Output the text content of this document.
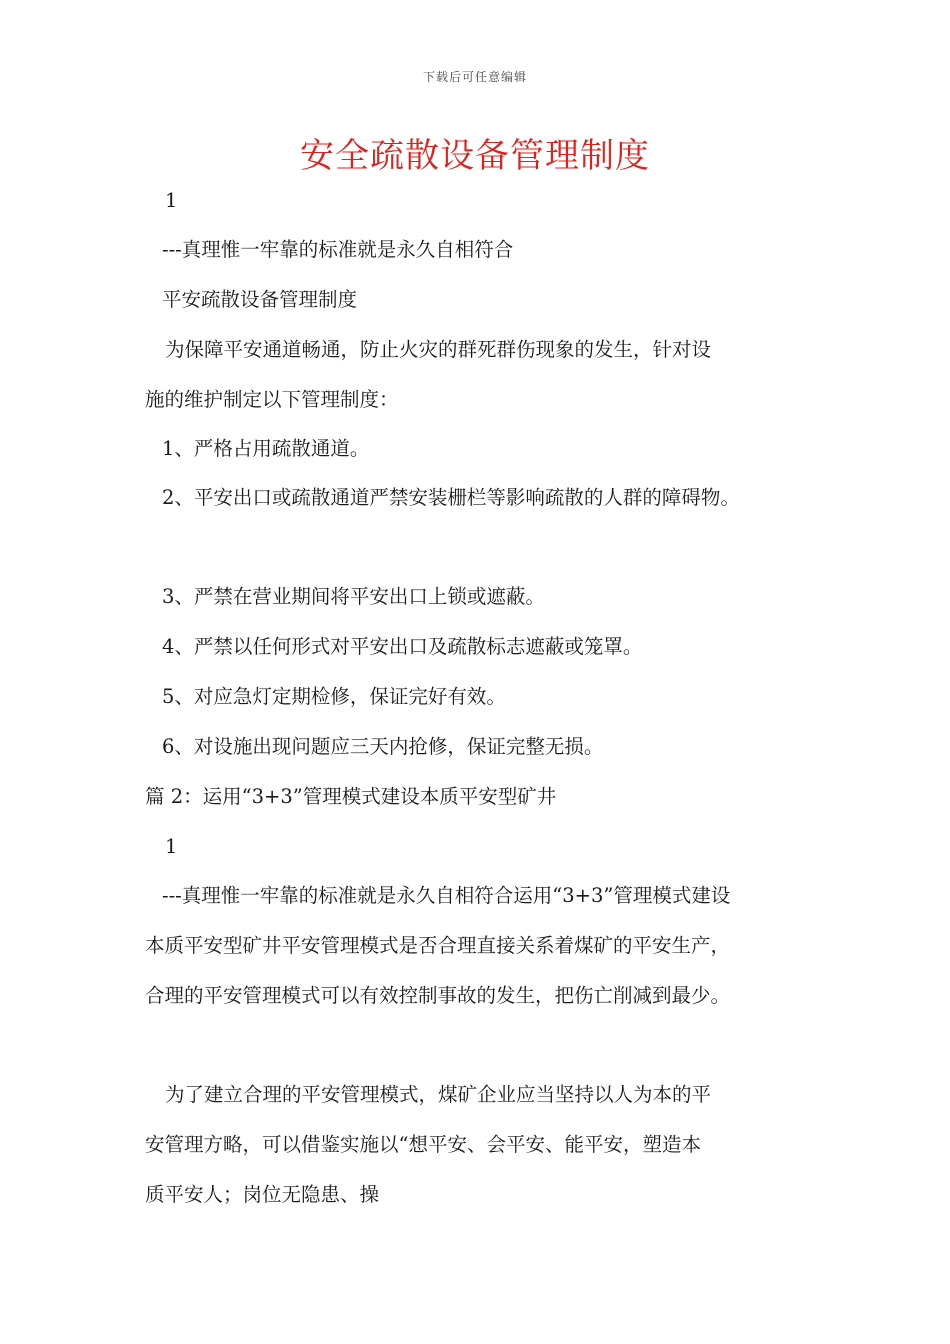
下载后可任意编辑
安全疏散设备管理制度

1

---真理惟一牢靠的标准就是永久自相符合

平安疏散设备管理制度

为保障平安通道畅通，防止火灾的群死群伤现象的发生，针对设

施的维护制定以下管理制度：

1、严格占用疏散通道。

2、平安出口或疏散通道严禁安装栅栏等影响疏散的人群的障碍物。

3、严禁在营业期间将平安出口上锁或遮蔽。

4、严禁以任何形式对平安出口及疏散标志遮蔽或笼罩。

5、对应急灯定期检修，保证完好有效。

6、对设施出现问题应三天内抢修，保证完整无损。

篇 2：运用“3+3”管理模式建设本质平安型矿井

1

---真理惟一牢靠的标准就是永久自相符合运用“3+3”管理模式建设

本质平安型矿井平安管理模式是否合理直接关系着煤矿的平安生产，

合理的平安管理模式可以有效控制事故的发生，把伤亡削减到最少。

为了建立合理的平安管理模式，煤矿企业应当坚持以人为本的平

安管理方略，可以借鉴实施以“想平安、会平安、能平安，塑造本

质平安人；岗位无隐患、操
